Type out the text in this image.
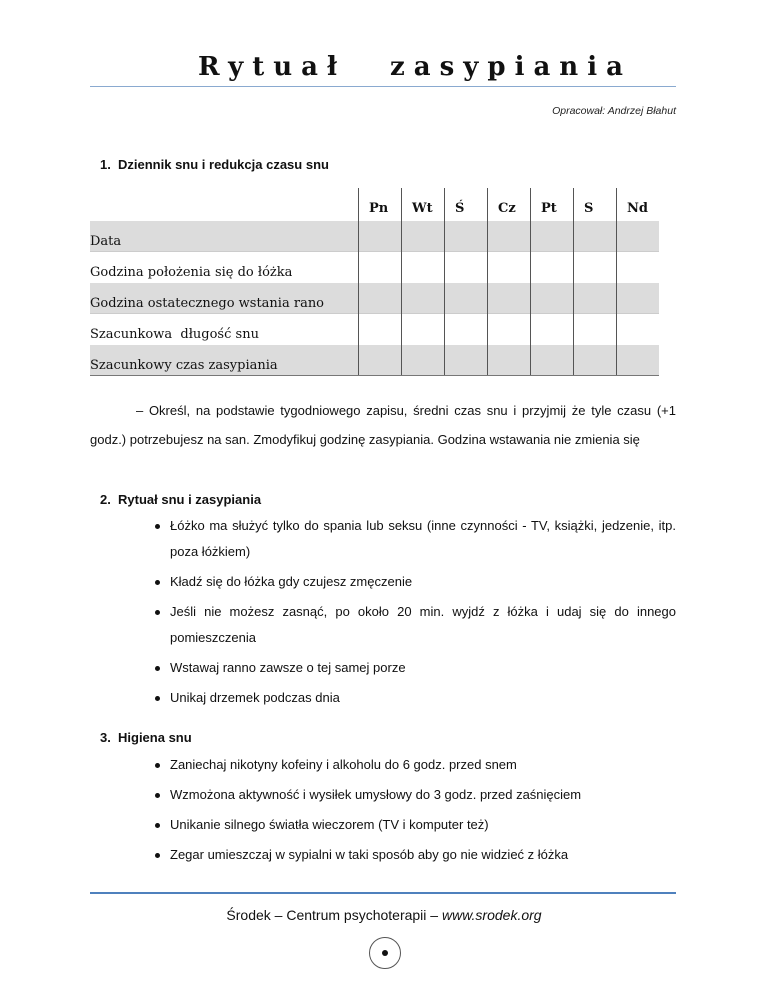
Rytuał zasypiania
Opracował: Andrzej Błahut
1. Dziennik snu i redukcja czasu snu
	Pn	Wt	Ś	Cz	Pt	S	Nd
Data							
Godzina położenia się do łóżka							
Godzina ostatecznego wstania rano							
Szacunkowa  długość snu							
Szacunkowy czas zasypiania							
– Określ, na podstawie tygodniowego zapisu, średni czas snu i przyjmij że tyle czasu (+1 godz.) potrzebujesz na san. Zmodyfikuj godzinę zasypiania. Godzina wstawania nie zmienia się
2. Rytuał snu i zasypiania
Łóżko ma służyć tylko do spania lub seksu (inne czynności - TV, książki, jedzenie, itp. poza łóżkiem)
Kładź się do łóżka gdy czujesz zmęczenie
Jeśli nie możesz zasnąć, po około 20 min. wyjdź z łóżka i udaj się do innego pomieszczenia
Wstawaj ranno zawsze o tej samej porze
Unikaj drzemek podczas dnia
3. Higiena snu
Zaniechaj nikotyny kofeiny i alkoholu do 6 godz. przed snem
Wzmożona aktywność i wysiłek umysłowy do 3 godz. przed zaśnięciem
Unikanie silnego światła wieczorem (TV i komputer też)
Zegar umieszczaj w sypialni w taki sposób aby go nie widzieć z łóżka
Środek – Centrum psychoterapii – www.srodek.org
